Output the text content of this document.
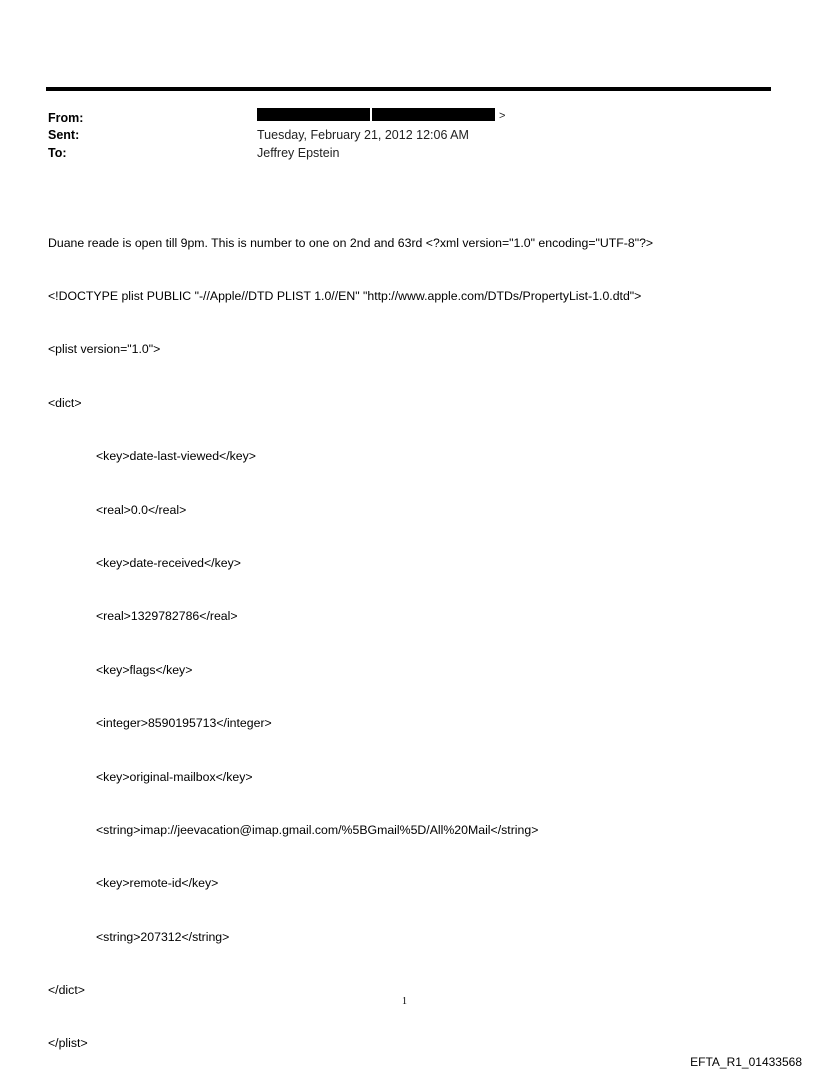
From:	>
Sent:	Tuesday, February 21, 2012 12:06 AM
To:	Jeffrey Epstein

Duane reade is open till 9pm. This is number to one on 2nd and 63rd <?xml version="1.0" encoding="UTF-8"?>

<!DOCTYPE plist PUBLIC "-//Apple//DTD PLIST 1.0//EN" "http://www.apple.com/DTDs/PropertyList-1.0.dtd">

<plist version="1.0">

<dict>

<key>date-last-viewed</key>

<real>0.0</real>

<key>date-received</key>

<real>1329782786</real>

<key>flags</key>

<integer>8590195713</integer>

<key>original-mailbox</key>

<string>imap://jeevacation@imap.gmail.com/%5BGmail%5D/All%20Mail</string>

<key>remote-id</key>

<string>207312</string>

</dict>

</plist>

1
EFTA_R1_01433568
